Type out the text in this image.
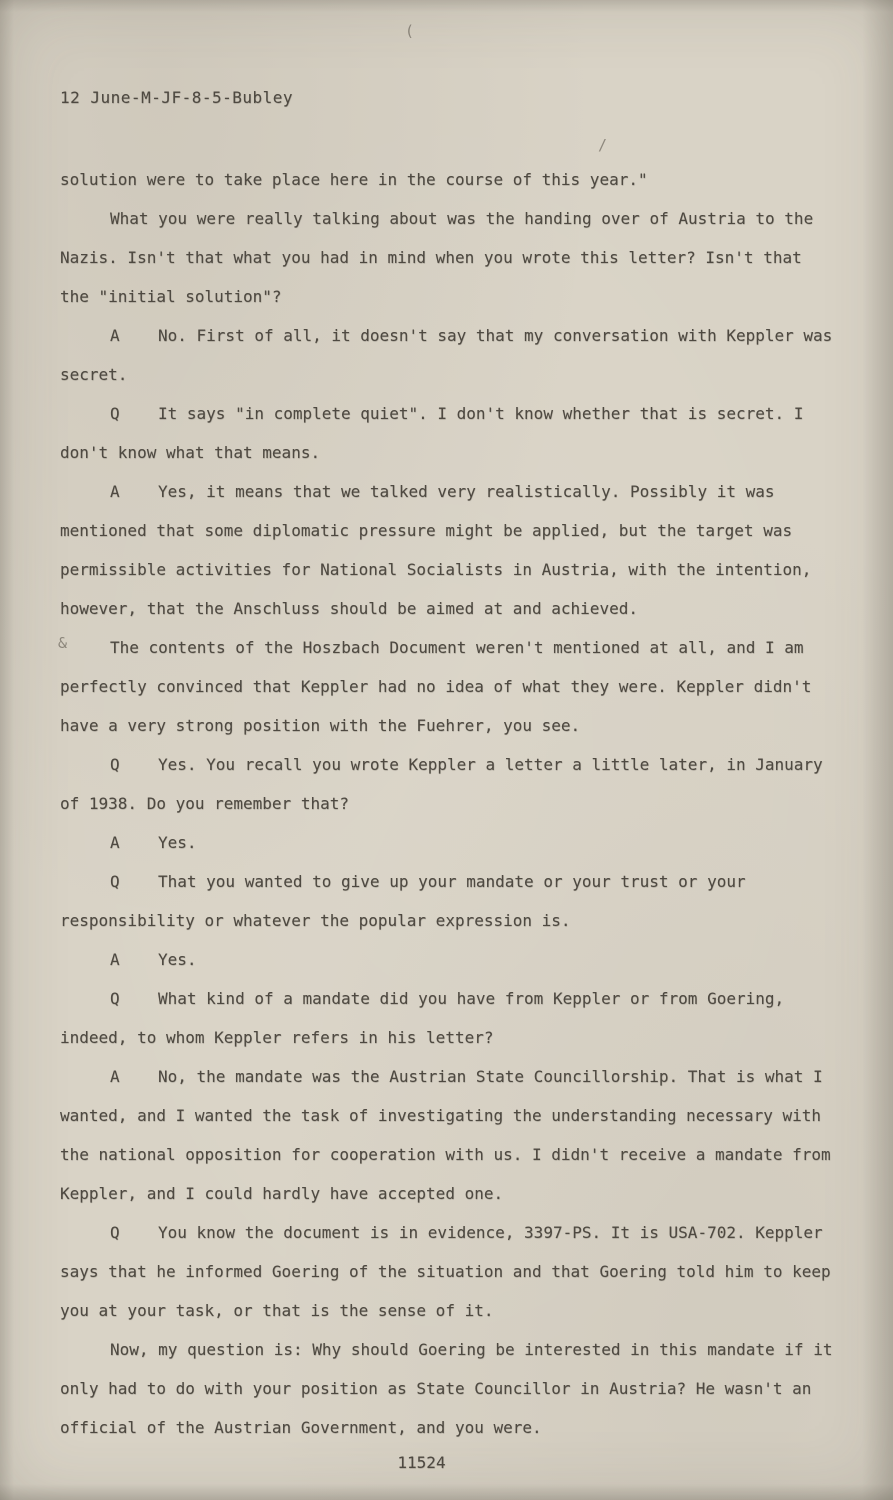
12 June-M-JF-8-5-Bubley

solution were to take place here in the course of this year."

What you were really talking about was the handing over of Austria to the Nazis. Isn't that what you had in mind when you wrote this letter? Isn't that the "initial solution"?

A No. First of all, it doesn't say that my conversation with Keppler was secret.

Q It says "in complete quiet". I don't know whether that is secret. I don't know what that means.

A Yes, it means that we talked very realistically. Possibly it was mentioned that some diplomatic pressure might be applied, but the target was permissible activities for National Socialists in Austria, with the intention, however, that the Anschluss should be aimed at and achieved.

The contents of the Hoszbach Document weren't mentioned at all, and I am perfectly convinced that Keppler had no idea of what they were. Keppler didn't have a very strong position with the Fuehrer, you see.

Q Yes. You recall you wrote Keppler a letter a little later, in January of 1938. Do you remember that?

A Yes.

Q That you wanted to give up your mandate or your trust or your responsibility or whatever the popular expression is.

A Yes.

Q What kind of a mandate did you have from Keppler or from Goering, indeed, to whom Keppler refers in his letter?

A No, the mandate was the Austrian State Councillorship. That is what I wanted, and I wanted the task of investigating the understanding necessary with the national opposition for cooperation with us. I didn't receive a mandate from Keppler, and I could hardly have accepted one.

Q You know the document is in evidence, 3397-PS. It is USA-702. Keppler says that he informed Goering of the situation and that Goering told him to keep you at your task, or that is the sense of it.

Now, my question is: Why should Goering be interested in this mandate if it only had to do with your position as State Councillor in Austria? He wasn't an official of the Austrian Government, and you were.

11524
(
/
&
